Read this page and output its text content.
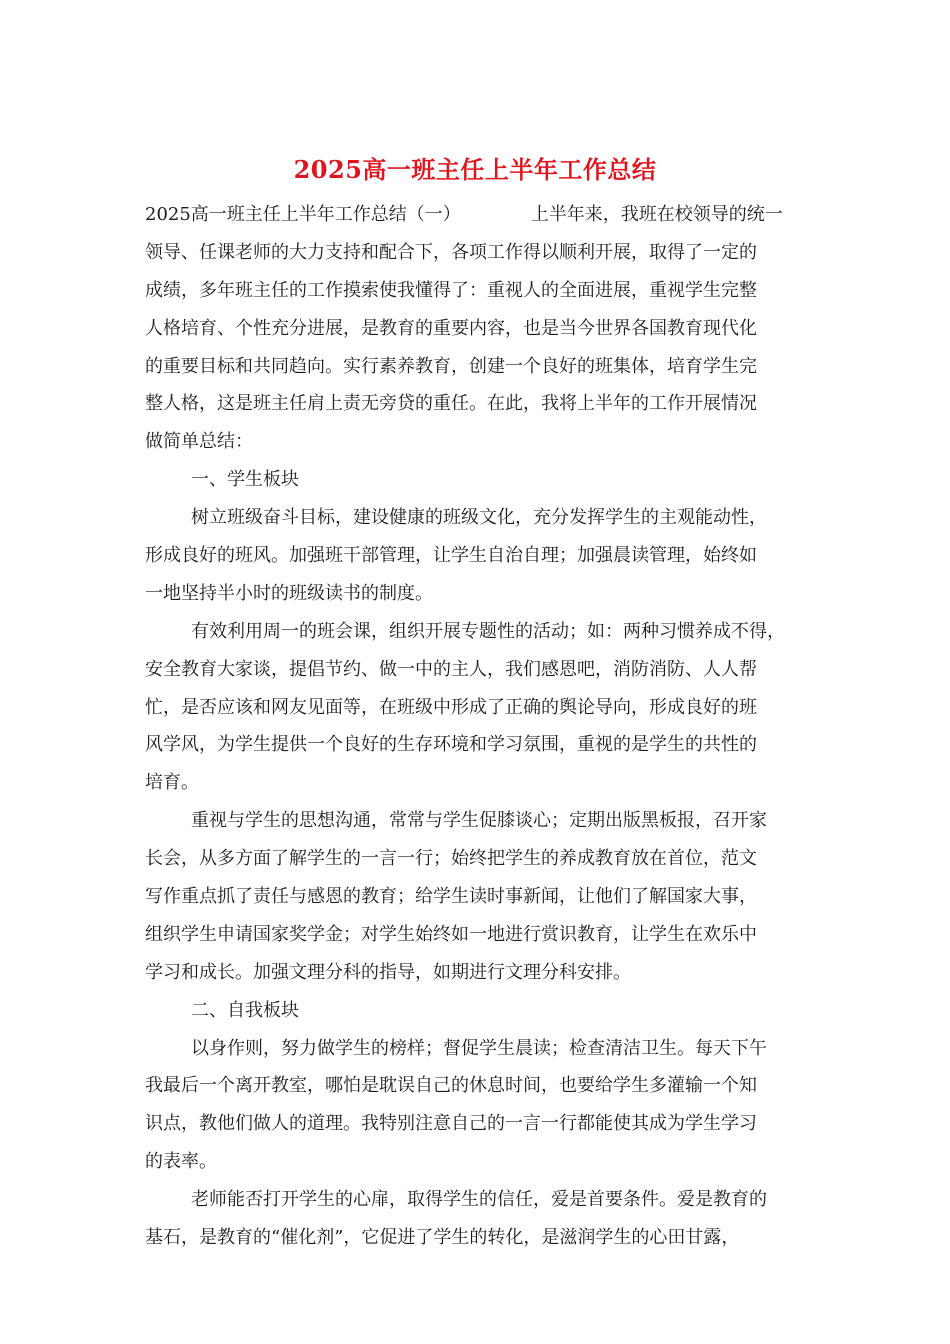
2025高一班主任上半年工作总结
2025高一班主任上半年工作总结（一）	上半年来，我班在校领导的统一
领导、任课老师的大力支持和配合下，各项工作得以顺利开展，取得了一定的
成绩，多年班主任的工作摸索使我懂得了：重视人的全面进展，重视学生完整
人格培育、个性充分进展，是教育的重要内容，也是当今世界各国教育现代化
的重要目标和共同趋向。实行素养教育，创建一个良好的班集体，培育学生完
整人格，这是班主任肩上责无旁贷的重任。在此，我将上半年的工作开展情况
做简单总结：
一、学生板块
树立班级奋斗目标，建设健康的班级文化，充分发挥学生的主观能动性，
形成良好的班风。加强班干部管理，让学生自治自理；加强晨读管理，始终如
一地坚持半小时的班级读书的制度。
有效利用周一的班会课，组织开展专题性的活动；如：两种习惯养成不得，
安全教育大家谈，提倡节约、做一中的主人，我们感恩吧，消防消防、人人帮
忙，是否应该和网友见面等，在班级中形成了正确的舆论导向，形成良好的班
风学风，为学生提供一个良好的生存环境和学习氛围，重视的是学生的共性的
培育。
重视与学生的思想沟通，常常与学生促膝谈心；定期出版黑板报，召开家
长会，从多方面了解学生的一言一行；始终把学生的养成教育放在首位，范文
写作重点抓了责任与感恩的教育；给学生读时事新闻，让他们了解国家大事，
组织学生申请国家奖学金；对学生始终如一地进行赏识教育，让学生在欢乐中
学习和成长。加强文理分科的指导，如期进行文理分科安排。
二、自我板块
以身作则，努力做学生的榜样；督促学生晨读；检查清洁卫生。每天下午
我最后一个离开教室，哪怕是耽误自己的休息时间，也要给学生多灌输一个知
识点，教他们做人的道理。我特别注意自己的一言一行都能使其成为学生学习
的表率。
老师能否打开学生的心扉，取得学生的信任，爱是首要条件。爱是教育的
基石，是教育的“催化剂”，它促进了学生的转化，是滋润学生的心田甘露，
